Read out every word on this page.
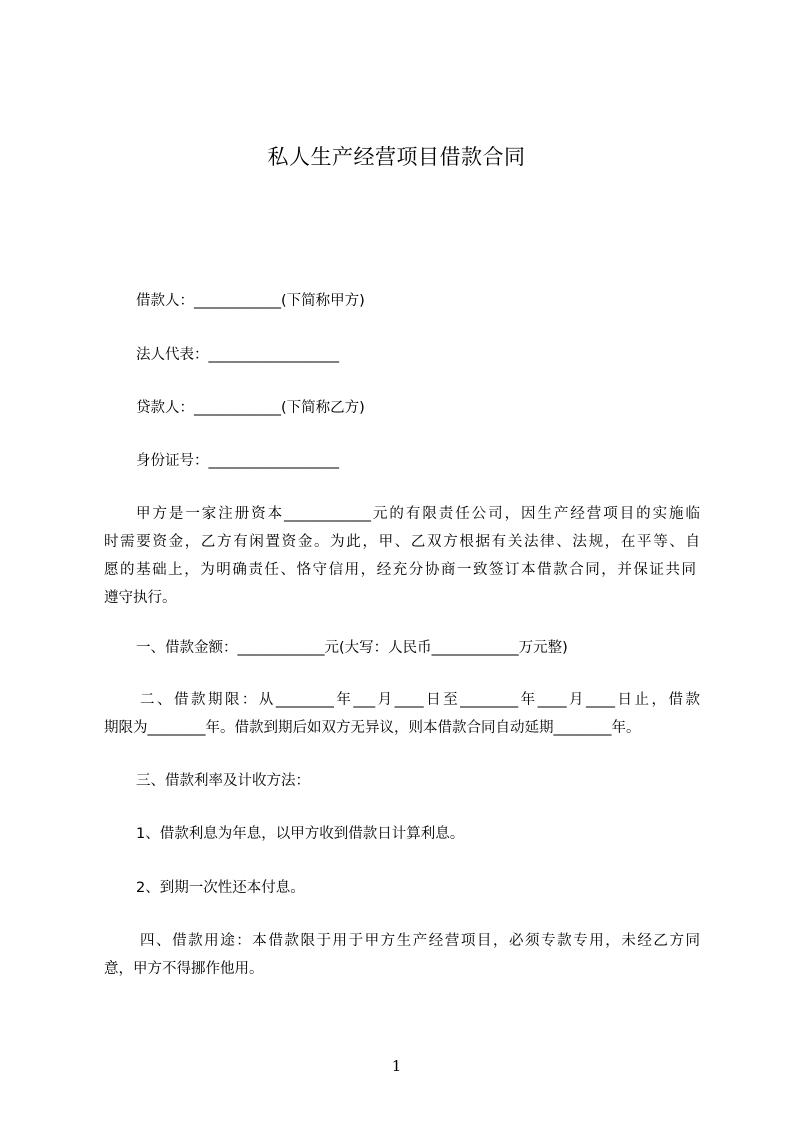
私人生产经营项目借款合同
借款人：____________(下简称甲方)
法人代表：__________________
贷款人：____________(下简称乙方)
身份证号：__________________
甲方是一家注册资本____________元的有限责任公司，因生产经营项目的实施临
时需要资金，乙方有闲置资金。为此，甲、乙双方根据有关法律、法规，在平等、自
愿的基础上，为明确责任、恪守信用，经充分协商一致签订本借款合同，并保证共同
遵守执行。
一、借款金额：____________元(大写：人民币____________万元整)
二、借款期限：从________年___月____日至________年____月____日止，借款
期限为________年。借款到期后如双方无异议，则本借款合同自动延期________年。
三、借款利率及计收方法：
1、借款利息为年息，以甲方收到借款日计算利息。
2、到期一次性还本付息。
四、借款用途：本借款限于用于甲方生产经营项目，必须专款专用，未经乙方同
意，甲方不得挪作他用。
1
